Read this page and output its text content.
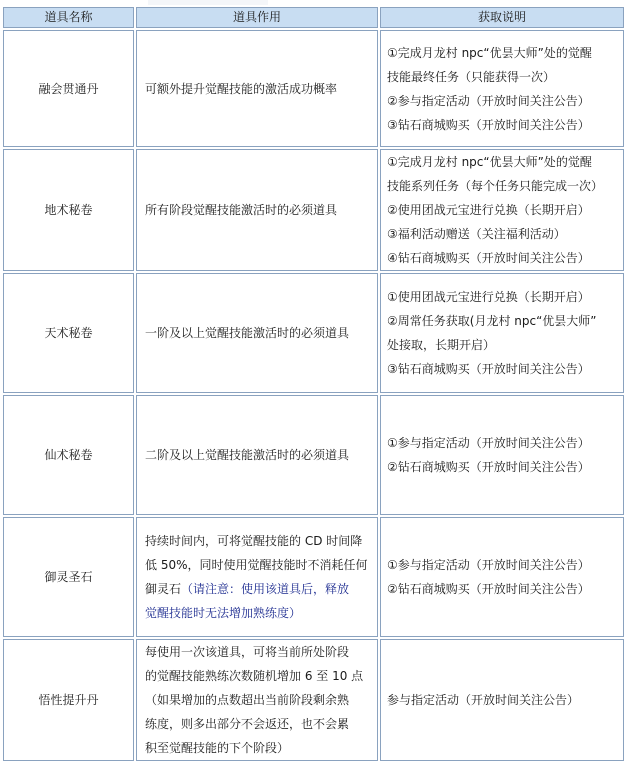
道具名称	道具作用	获取说明
融会贯通丹	可额外提升觉醒技能的激活成功概率	①完成月龙村 npc“优昙大师”处的觉醒
技能最终任务（只能获得一次）
②参与指定活动（开放时间关注公告）
③钻石商城购买（开放时间关注公告）

地术秘卷	所有阶段觉醒技能激活时的必须道具	①完成月龙村 npc“优昙大师”处的觉醒
技能系列任务（每个任务只能完成一次）
②使用团战元宝进行兑换（长期开启）
③福利活动赠送（关注福利活动）
④钻石商城购买（开放时间关注公告）

天术秘卷	一阶及以上觉醒技能激活时的必须道具	①使用团战元宝进行兑换（长期开启）
②周常任务获取(月龙村 npc“优昙大师”
处接取，长期开启）
③钻石商城购买（开放时间关注公告）

仙术秘卷	二阶及以上觉醒技能激活时的必须道具	①参与指定活动（开放时间关注公告）
②钻石商城购买（开放时间关注公告）

御灵圣石	持续时间内，可将觉醒技能的 CD 时间降
低 50%，同时使用觉醒技能时不消耗任何
御灵石（请注意：使用该道具后，释放
觉醒技能时无法增加熟练度）	①参与指定活动（开放时间关注公告）
②钻石商城购买（开放时间关注公告）

悟性提升丹	每使用一次该道具，可将当前所处阶段
的觉醒技能熟练次数随机增加 6 至 10 点
（如果增加的点数超出当前阶段剩余熟
练度，则多出部分不会返还，也不会累
积至觉醒技能的下个阶段）	参与指定活动（开放时间关注公告）
